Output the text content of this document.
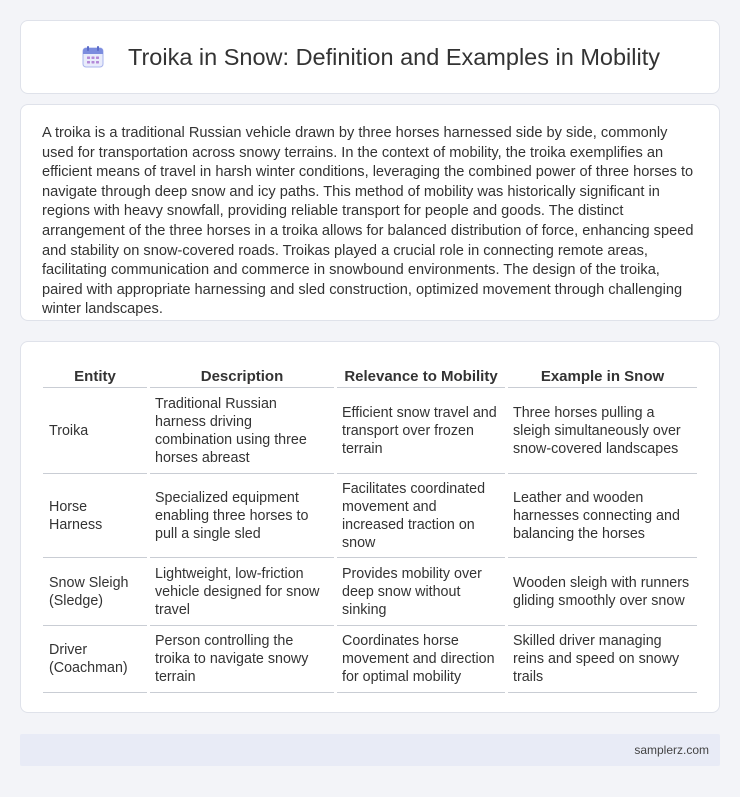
Troika in Snow: Definition and Examples in Mobility

A troika is a traditional Russian vehicle drawn by three horses harnessed side by side, commonly used for transportation across snowy terrains. In the context of mobility, the troika exemplifies an efficient means of travel in harsh winter conditions, leveraging the combined power of three horses to navigate through deep snow and icy paths. This method of mobility was historically significant in regions with heavy snowfall, providing reliable transport for people and goods. The distinct arrangement of the three horses in a troika allows for balanced distribution of force, enhancing speed and stability on snow-covered roads. Troikas played a crucial role in connecting remote areas, facilitating communication and commerce in snowbound environments. The design of the troika, paired with appropriate harnessing and sled construction, optimized movement through challenging winter landscapes.

Entity	Description	Relevance to Mobility	Example in Snow
Troika	Traditional Russian harness driving combination using three horses abreast	Efficient snow travel and transport over frozen terrain	Three horses pulling a sleigh simultaneously over snow-covered landscapes
Horse Harness	Specialized equipment enabling three horses to pull a single sled	Facilitates coordinated movement and increased traction on snow	Leather and wooden harnesses connecting and balancing the horses
Snow Sleigh (Sledge)	Lightweight, low-friction vehicle designed for snow travel	Provides mobility over deep snow without sinking	Wooden sleigh with runners gliding smoothly over snow
Driver (Coachman)	Person controlling the troika to navigate snowy terrain	Coordinates horse movement and direction for optimal mobility	Skilled driver managing reins and speed on snowy trails
samplerz.com
